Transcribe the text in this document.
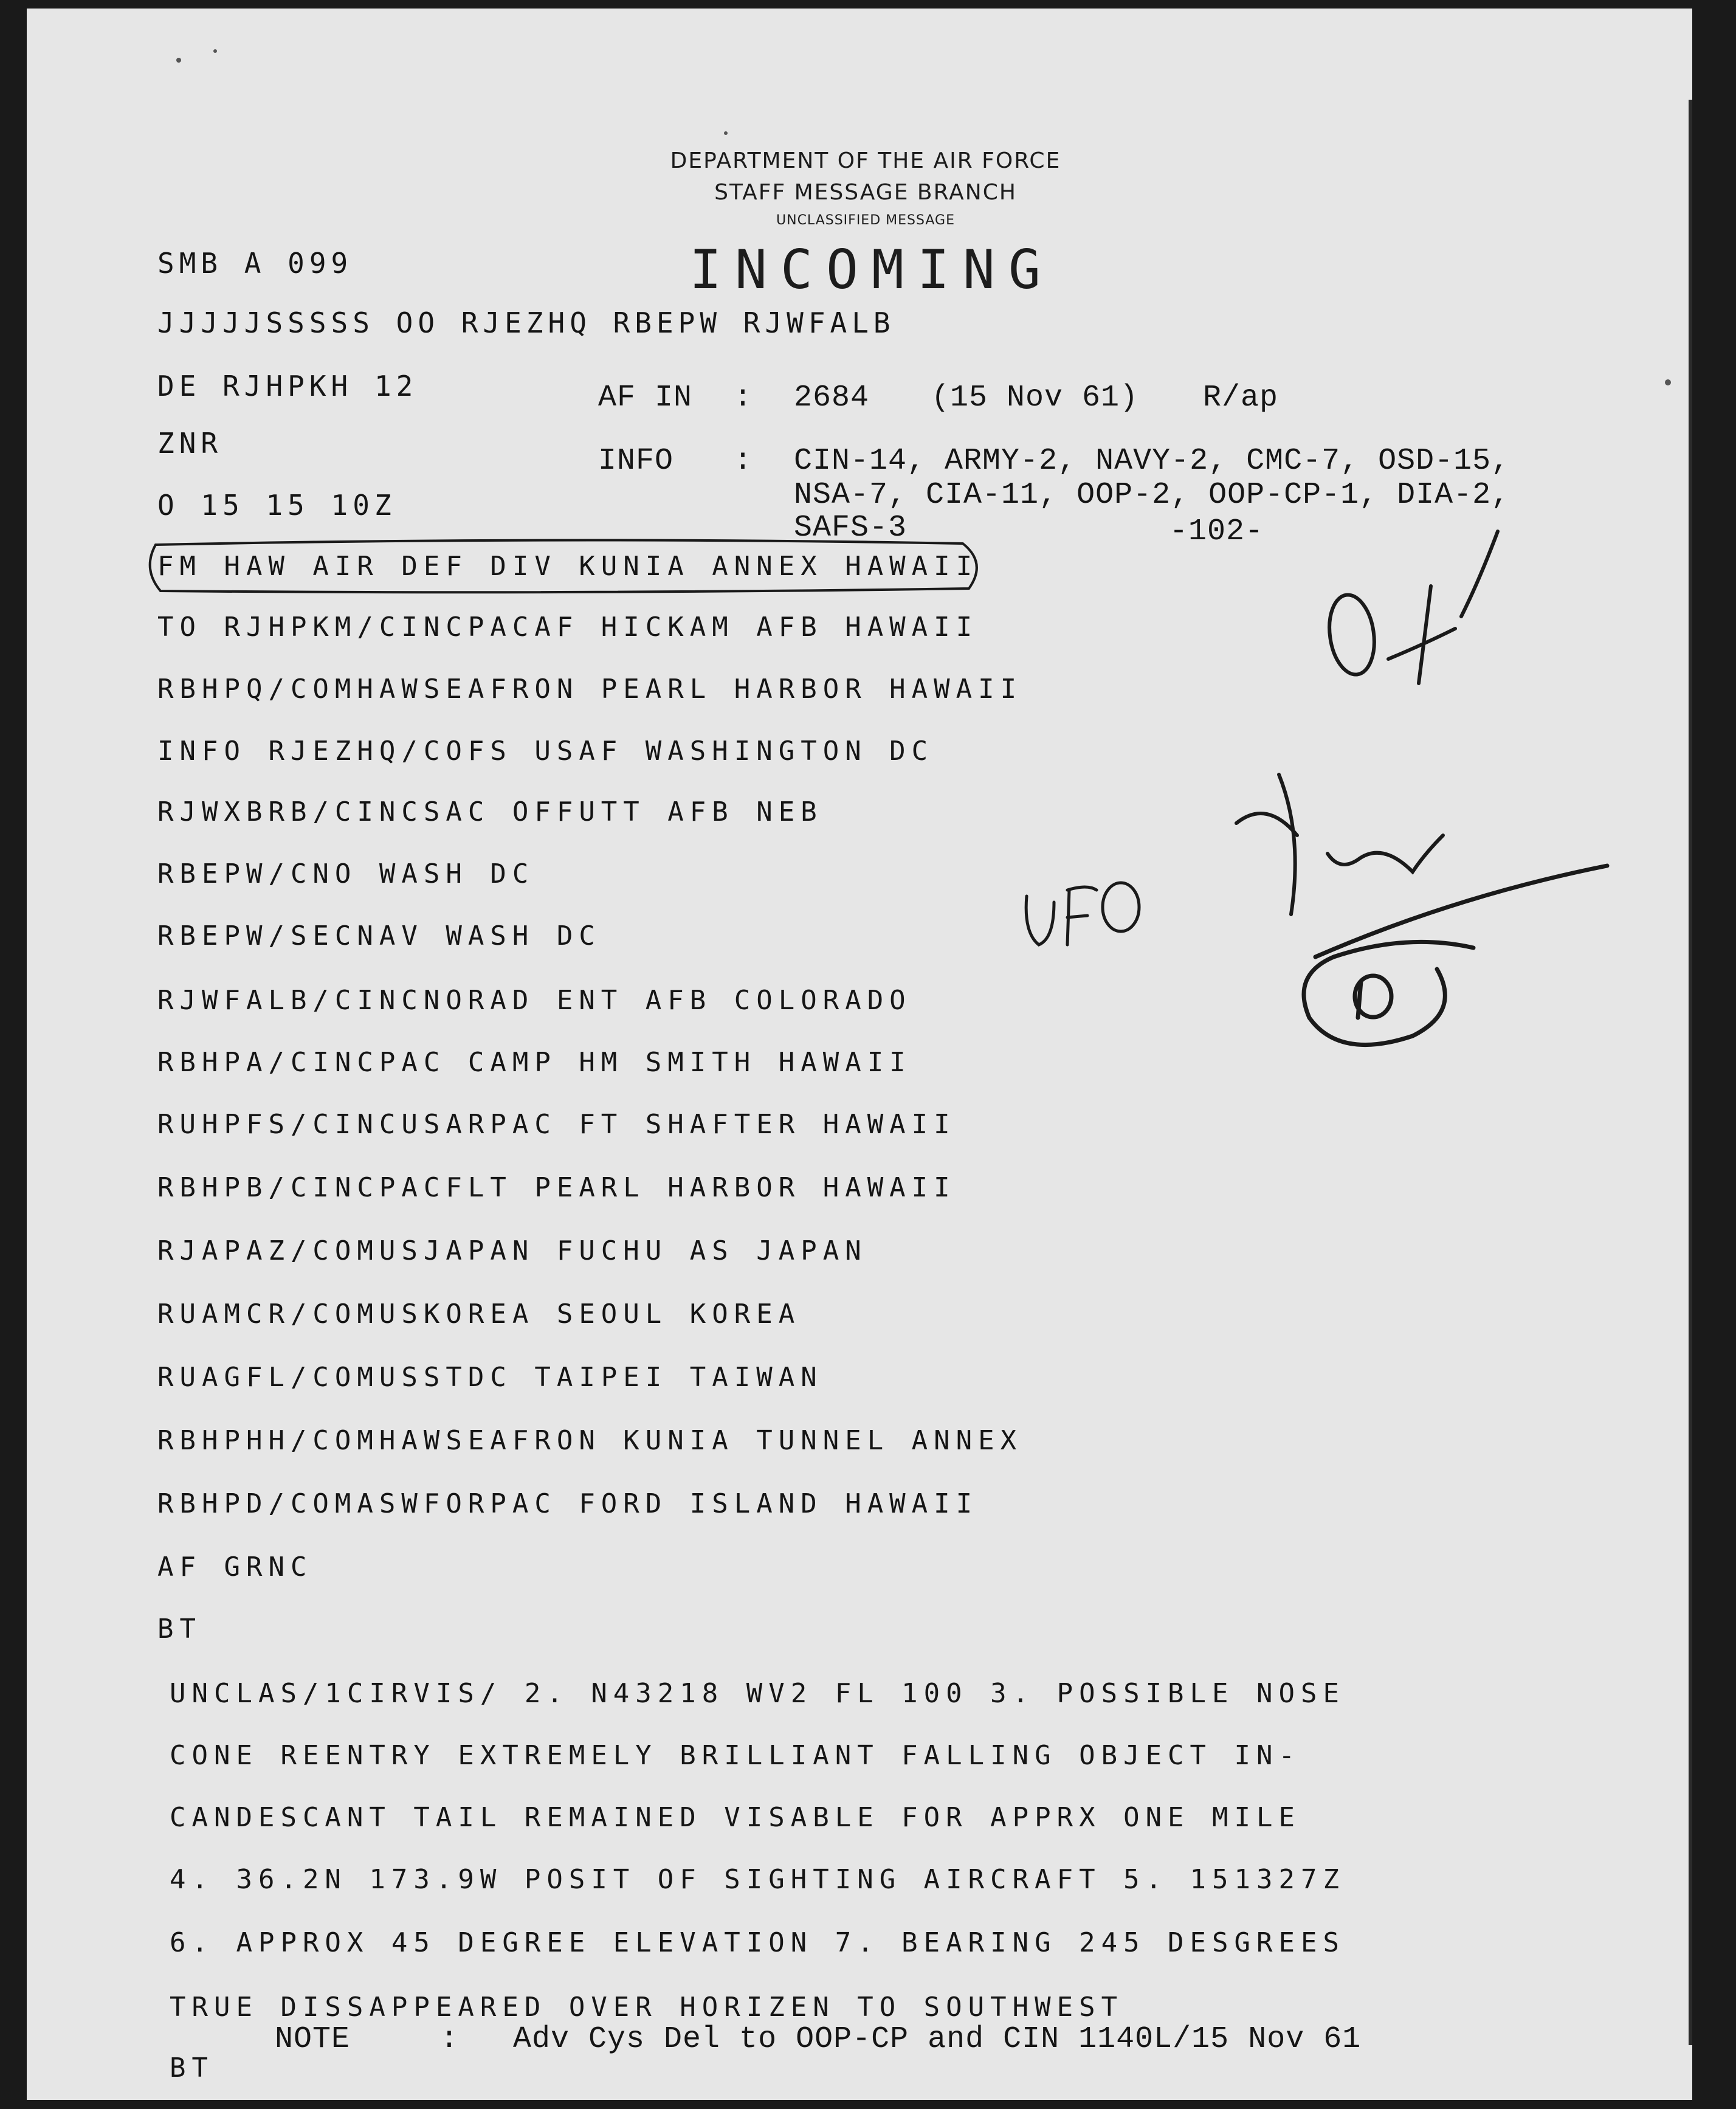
DEPARTMENT OF THE AIR FORCE
STAFF MESSAGE BRANCH
UNCLASSIFIED MESSAGE
INCOMING
SMB A 099
JJJJJSSSSS OO RJEZHQ RBEPW RJWFALB
DE RJHPKH 12
ZNR
O 15 15 10Z
AF IN : 2684 (15 Nov 61) R/ap
INFO : CIN-14, ARMY-2, NAVY-2, CMC-7, OSD-15,
NSA-7, CIA-11, OOP-2, OOP-CP-1, DIA-2,
SAFS-3	-102-
FM HAW AIR DEF DIV KUNIA ANNEX HAWAII
TO RJHPKM/CINCPACAF HICKAM AFB HAWAII
RBHPQ/COMHAWSEAFRON PEARL HARBOR HAWAII
INFO RJEZHQ/COFS USAF WASHINGTON DC
RJWXBRB/CINCSAC OFFUTT AFB NEB
RBEPW/CNO WASH DC
RBEPW/SECNAV WASH DC
RJWFALB/CINCNORAD ENT AFB COLORADO
RBHPA/CINCPAC CAMP HM SMITH HAWAII
RUHPFS/CINCUSARPAC FT SHAFTER HAWAII
RBHPB/CINCPACFLT PEARL HARBOR HAWAII
RJAPAZ/COMUSJAPAN FUCHU AS JAPAN
RUAMCR/COMUSKOREA SEOUL KOREA
RUAGFL/COMUSSTDC TAIPEI TAIWAN
RBHPHH/COMHAWSEAFRON KUNIA TUNNEL ANNEX
RBHPD/COMASWFORPAC FORD ISLAND HAWAII
AF GRNC
BT
UNCLAS/1CIRVIS/ 2. N43218 WV2 FL 100 3. POSSIBLE NOSE
CONE REENTRY EXTREMELY BRILLIANT FALLING OBJECT IN-
CANDESCANT TAIL REMAINED VISABLE FOR APPRX ONE MILE
4. 36.2N 173.9W POSIT OF SIGHTING AIRCRAFT 5. 151327Z
6. APPROX 45 DEGREE ELEVATION 7. BEARING 245 DESGREES
TRUE DISSAPPEARED OVER HORIZEN TO SOUTHWEST
NOTE	: Adv Cys Del to OOP-CP and CIN 1140L/15 Nov 61
BT
